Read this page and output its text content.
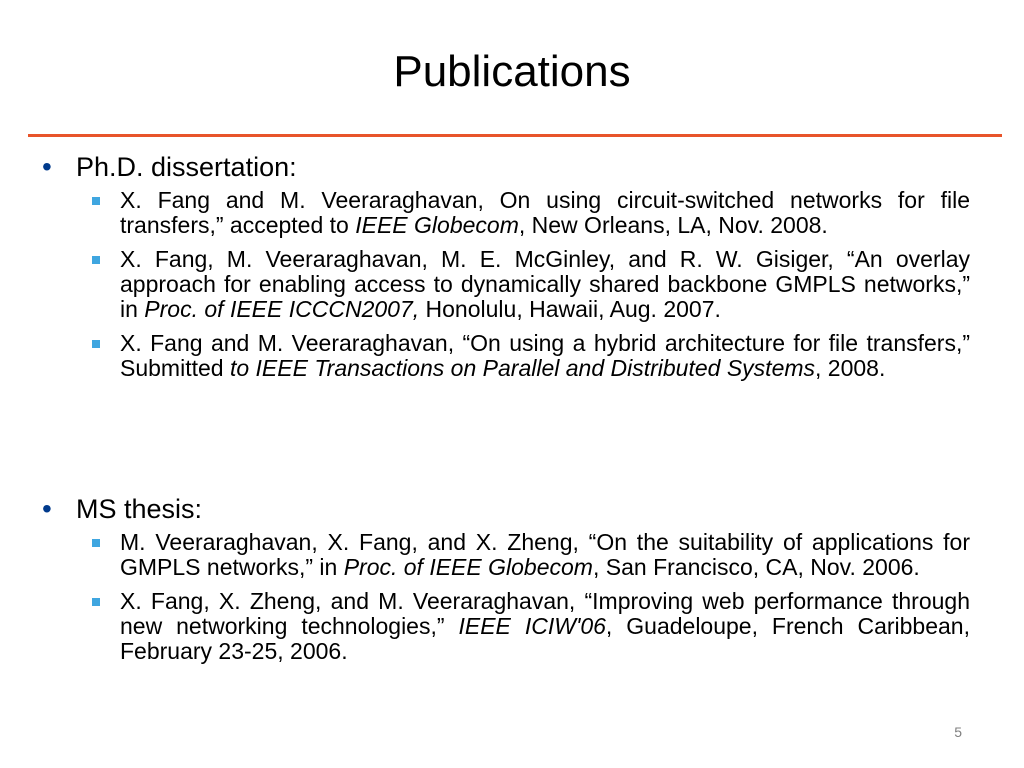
Publications
• Ph.D. dissertation:
X. Fang and M. Veeraraghavan, On using circuit-switched networks for file transfers,” accepted to IEEE Globecom, New Orleans, LA, Nov. 2008.
X. Fang, M. Veeraraghavan, M. E. McGinley, and R. W. Gisiger, “An overlay approach for enabling access to dynamically shared backbone GMPLS networks,” in Proc. of IEEE ICCCN2007, Honolulu, Hawaii, Aug. 2007.
X. Fang and M. Veeraraghavan, “On using a hybrid architecture for file transfers,” Submitted to IEEE Transactions on Parallel and Distributed Systems, 2008.
• MS thesis:
M. Veeraraghavan, X. Fang, and X. Zheng, “On the suitability of applications for GMPLS networks,” in Proc. of IEEE Globecom, San Francisco, CA, Nov. 2006.
X. Fang, X. Zheng, and M. Veeraraghavan, “Improving web performance through new networking technologies,” IEEE ICIW'06, Guadeloupe, French Caribbean, February 23-25, 2006.
5
